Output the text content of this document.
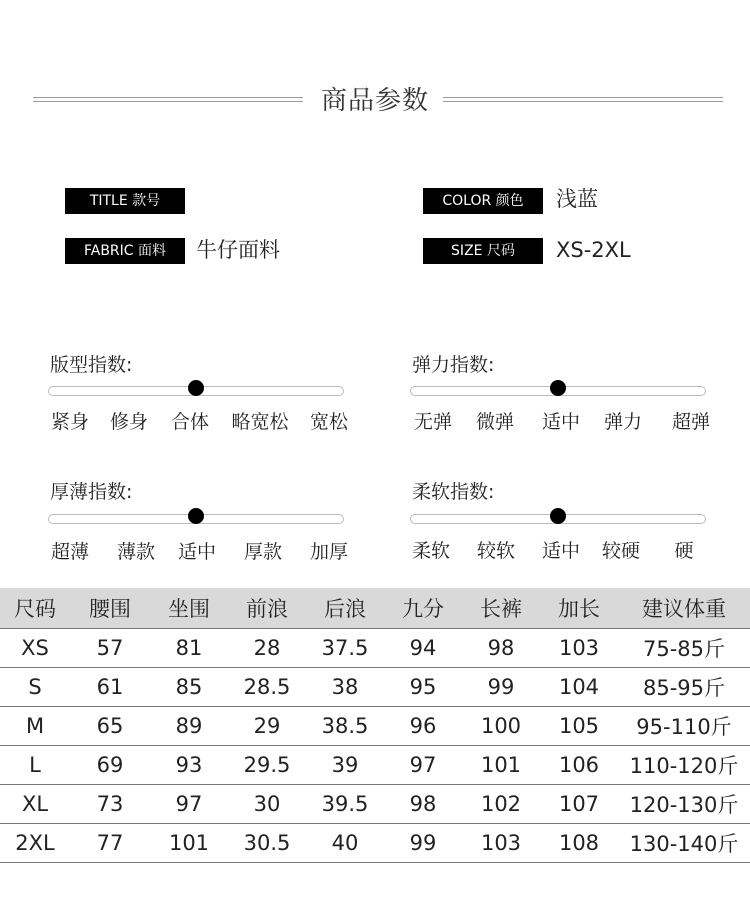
商品参数
TITLE 款号	COLOR 颜色	浅蓝
FABRIC 面料	牛仔面料	SIZE 尺码	XS-2XL
版型指数:
紧身 修身 合体 略宽松 宽松
弹力指数:
无弹 微弹 适中 弹力 超弹
厚薄指数:
超薄 薄款 适中 厚款 加厚
柔软指数:
柔软 较软 适中 较硬 硬
尺码	腰围	坐围	前浪	后浪	九分	长裤	加长	建议体重
XS	57	81	28	37.5	94	98	103	75-85斤
S	61	85	28.5	38	95	99	104	85-95斤
M	65	89	29	38.5	96	100	105	95-110斤
L	69	93	29.5	39	97	101	106	110-120斤
XL	73	97	30	39.5	98	102	107	120-130斤
2XL	77	101	30.5	40	99	103	108	130-140斤
